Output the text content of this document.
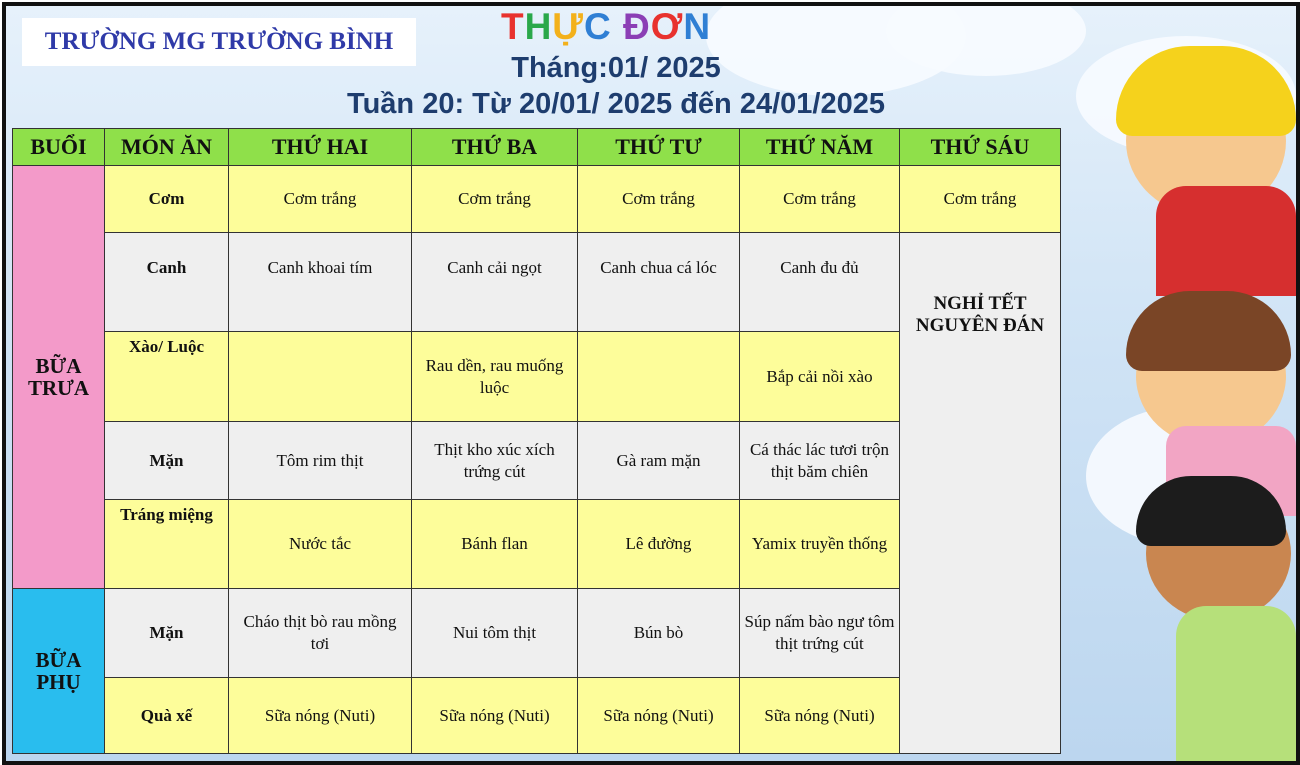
TRƯỜNG MG TRƯỜNG BÌNH	THỰC ĐƠN
Tháng:01/ 2025
Tuần 20: Từ 20/01/ 2025 đến 24/01/2025
BUỔI	MÓN ĂN	THỨ HAI	THỨ BA	THỨ TƯ	THỨ NĂM	THỨ SÁU
BỮA TRƯA	Cơm	Cơm trắng	Cơm trắng	Cơm trắng	Cơm trắng	Cơm trắng
	Canh	Canh khoai tím	Canh cải ngọt	Canh chua cá lóc	Canh đu đủ	NGHỈ TẾT NGUYÊN ĐÁN
	Xào/ Luộc		Rau dền, rau muống luộc		Bắp cải nồi xào	
	Mặn	Tôm rim thịt	Thịt kho xúc xích trứng cút	Gà ram mặn	Cá thác lác tươi trộn thịt băm chiên	
	Tráng miệng	Nước tắc	Bánh flan	Lê đường	Yamix truyền thống	
BỮA PHỤ	Mặn	Cháo thịt bò rau mồng tơi	Nui tôm thịt	Bún bò	Súp nấm bào ngư tôm thịt trứng cút	
	Quà xế	Sữa nóng (Nuti)	Sữa nóng (Nuti)	Sữa nóng (Nuti)	Sữa nóng (Nuti)	
